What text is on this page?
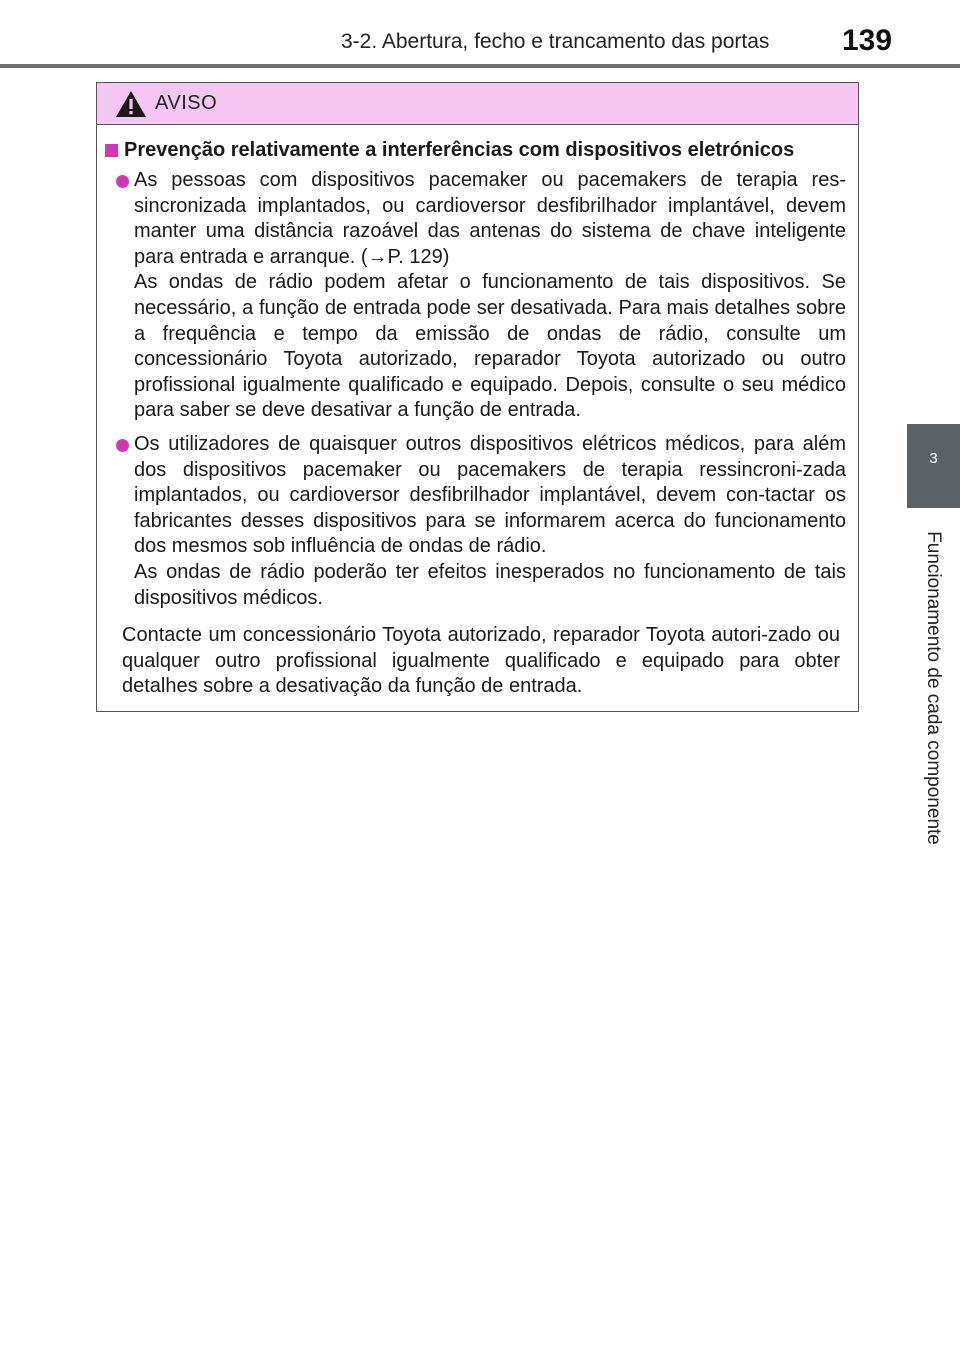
3-2. Abertura, fecho e trancamento das portas 139
3
Funcionamento de cada componente
AVISO
Prevenção relativamente a interferências com dispositivos eletrónicos

As pessoas com dispositivos pacemaker ou pacemakers de terapia res-sincronizada implantados, ou cardioversor desfibrilhador implantável, devem manter uma distância razoável das antenas do sistema de chave inteligente para entrada e arranque. (→P. 129)

As ondas de rádio podem afetar o funcionamento de tais dispositivos. Se necessário, a função de entrada pode ser desativada. Para mais detalhes sobre a frequência e tempo da emissão de ondas de rádio, consulte um concessionário Toyota autorizado, reparador Toyota autorizado ou outro profissional igualmente qualificado e equipado. Depois, consulte o seu médico para saber se deve desativar a função de entrada.

Os utilizadores de quaisquer outros dispositivos elétricos médicos, para além dos dispositivos pacemaker ou pacemakers de terapia ressincroni-zada implantados, ou cardioversor desfibrilhador implantável, devem con-tactar os fabricantes desses dispositivos para se informarem acerca do funcionamento dos mesmos sob influência de ondas de rádio.

As ondas de rádio poderão ter efeitos inesperados no funcionamento de tais dispositivos médicos.

Contacte um concessionário Toyota autorizado, reparador Toyota autori-zado ou qualquer outro profissional igualmente qualificado e equipado para obter detalhes sobre a desativação da função de entrada.
